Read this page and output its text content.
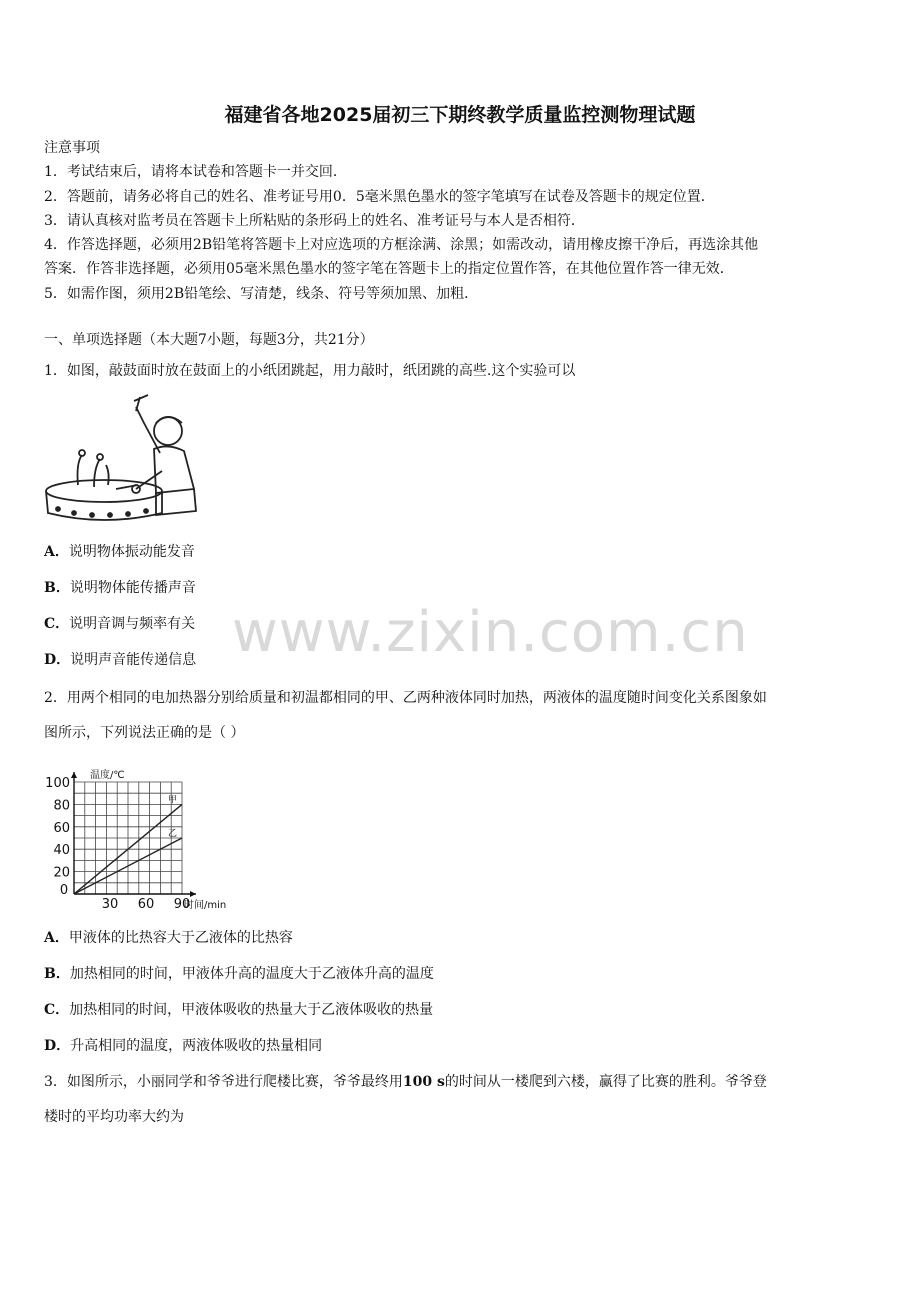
福建省各地2025届初三下期终教学质量监控测物理试题
注意事项
1．考试结束后，请将本试卷和答题卡一并交回．
2．答题前，请务必将自己的姓名、准考证号用0．5毫米黑色墨水的签字笔填写在试卷及答题卡的规定位置．
3．请认真核对监考员在答题卡上所粘贴的条形码上的姓名、准考证号与本人是否相符．
4．作答选择题，必须用2B铅笔将答题卡上对应选项的方框涂满、涂黑；如需改动，请用橡皮擦干净后，再选涂其他
答案．作答非选择题，必须用05毫米黑色墨水的签字笔在答题卡上的指定位置作答，在其他位置作答一律无效．
5．如需作图，须用2B铅笔绘、写清楚，线条、符号等须加黑、加粗．
一、单项选择题（本大题7小题，每题3分，共21分）
1．如图，敲鼓面时放在鼓面上的小纸团跳起，用力敲时，纸团跳的高些.这个实验可以
A．说明物体振动能发音
B．说明物体能传播声音
C．说明音调与频率有关
D．说明声音能传递信息
2．用两个相同的电加热器分别给质量和初温都相同的甲、乙两种液体同时加热，两液体的温度随时间变化关系图象如
图所示，下列说法正确的是（ ）
0
30 60 90
100
80
60
40
20
温度/℃
时间/min
甲
乙
A．甲液体的比热容大于乙液体的比热容
B．加热相同的时间，甲液体升高的温度大于乙液体升高的温度
C．加热相同的时间，甲液体吸收的热量大于乙液体吸收的热量
D．升高相同的温度，两液体吸收的热量相同
3．如图所示，小丽同学和爷爷进行爬楼比赛，爷爷最终用100 s的时间从一楼爬到六楼，赢得了比赛的胜利。爷爷登
楼时的平均功率大约为
www.zixin.com.cn
